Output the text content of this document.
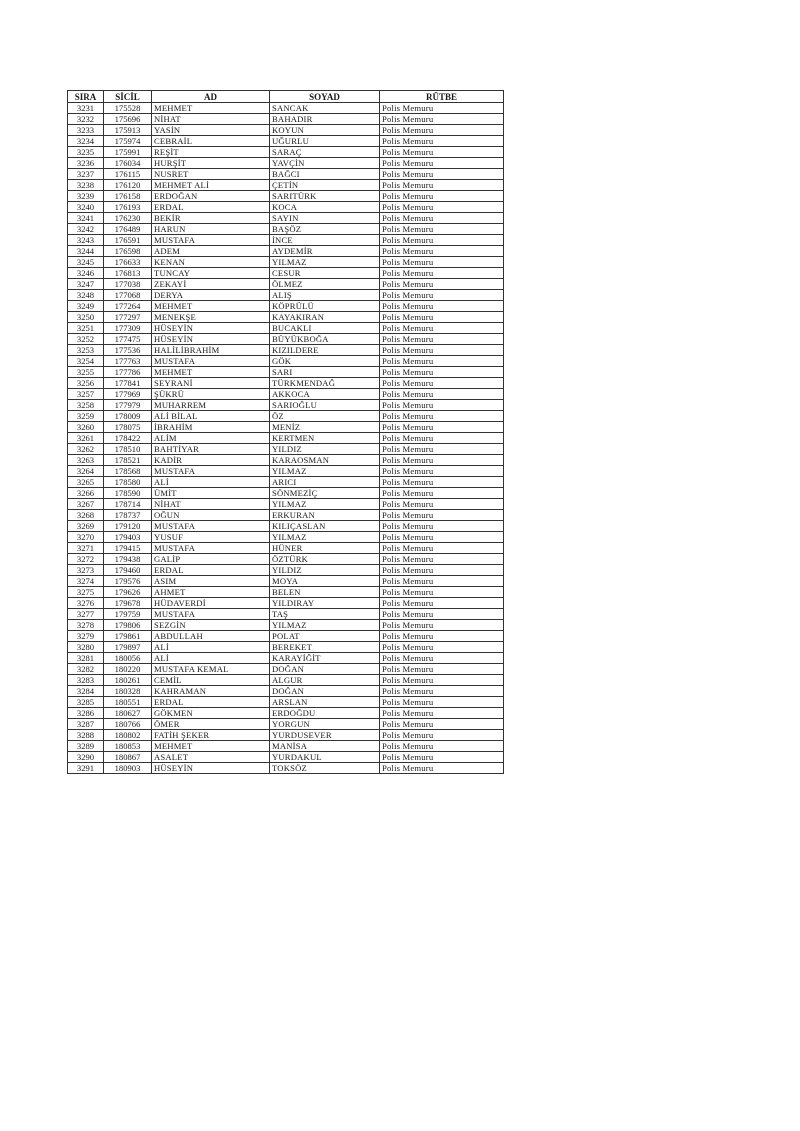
SIRA	SİCİL	AD	SOYAD	RÜTBE
3231	175528	MEHMET	SANCAK	Polis Memuru
3232	175696	NİHAT	BAHADIR	Polis Memuru
3233	175913	YASİN	KOYUN	Polis Memuru
3234	175974	CEBRAİL	UĞURLU	Polis Memuru
3235	175991	REŞİT	SARAÇ	Polis Memuru
3236	176034	HURŞİT	YAVÇİN	Polis Memuru
3237	176115	NUSRET	BAĞCI	Polis Memuru
3238	176120	MEHMET ALİ	ÇETİN	Polis Memuru
3239	176158	ERDOĞAN	SARITÜRK	Polis Memuru
3240	176193	ERDAL	KOCA	Polis Memuru
3241	176230	BEKİR	SAYIN	Polis Memuru
3242	176489	HARUN	BAŞÖZ	Polis Memuru
3243	176591	MUSTAFA	İNCE	Polis Memuru
3244	176598	ADEM	AYDEMİR	Polis Memuru
3245	176633	KENAN	YILMAZ	Polis Memuru
3246	176813	TUNCAY	CESUR	Polis Memuru
3247	177038	ZEKAYİ	ÖLMEZ	Polis Memuru
3248	177068	DERYA	ALIŞ	Polis Memuru
3249	177264	MEHMET	KÖPRÜLÜ	Polis Memuru
3250	177297	MENEKŞE	KAYAKIRAN	Polis Memuru
3251	177309	HÜSEYİN	BUCAKLI	Polis Memuru
3252	177475	HÜSEYİN	BÜYÜKBOĞA	Polis Memuru
3253	177536	HALİLİBRAHİM	KIZILDERE	Polis Memuru
3254	177763	MUSTAFA	GÖK	Polis Memuru
3255	177786	MEHMET	SARI	Polis Memuru
3256	177841	SEYRANİ	TÜRKMENDAĞ	Polis Memuru
3257	177969	ŞÜKRÜ	AKKOCA	Polis Memuru
3258	177979	MUHARREM	SARIOĞLU	Polis Memuru
3259	178009	ALİ BİLAL	ÖZ	Polis Memuru
3260	178075	İBRAHİM	MENİZ	Polis Memuru
3261	178422	ALİM	KERTMEN	Polis Memuru
3262	178510	BAHTİYAR	YILDIZ	Polis Memuru
3263	178521	KADİR	KARAOSMAN	Polis Memuru
3264	178568	MUSTAFA	YILMAZ	Polis Memuru
3265	178580	ALİ	ARICI	Polis Memuru
3266	178590	ÜMİT	SÖNMEZİÇ	Polis Memuru
3267	178714	NİHAT	YILMAZ	Polis Memuru
3268	178737	OĞUN	ERKURAN	Polis Memuru
3269	179120	MUSTAFA	KILIÇASLAN	Polis Memuru
3270	179403	YUSUF	YILMAZ	Polis Memuru
3271	179415	MUSTAFA	HÜNER	Polis Memuru
3272	179438	GALİP	ÖZTÜRK	Polis Memuru
3273	179460	ERDAL	YILDIZ	Polis Memuru
3274	179576	ASIM	MOYA	Polis Memuru
3275	179626	AHMET	BELEN	Polis Memuru
3276	179678	HÜDAVERDİ	YILDIRAY	Polis Memuru
3277	179759	MUSTAFA	TAŞ	Polis Memuru
3278	179806	SEZGİN	YILMAZ	Polis Memuru
3279	179861	ABDULLAH	POLAT	Polis Memuru
3280	179897	ALİ	BEREKET	Polis Memuru
3281	180056	ALİ	KARAYİĞİT	Polis Memuru
3282	180220	MUSTAFA KEMAL	DOĞAN	Polis Memuru
3283	180261	CEMİL	ALGUR	Polis Memuru
3284	180328	KAHRAMAN	DOĞAN	Polis Memuru
3285	180551	ERDAL	ARSLAN	Polis Memuru
3286	180627	GÖKMEN	ERDOĞDU	Polis Memuru
3287	180766	ÖMER	YORGUN	Polis Memuru
3288	180802	FATİH ŞEKER	YURDUSEVER	Polis Memuru
3289	180853	MEHMET	MANİSA	Polis Memuru
3290	180867	ASALET	YURDAKUL	Polis Memuru
3291	180903	HÜSEYİN	TOKSÖZ	Polis Memuru
